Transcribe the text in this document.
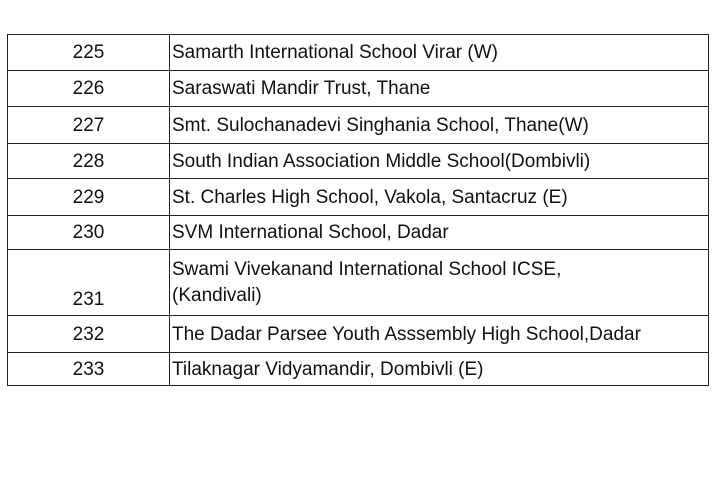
225	Samarth International School Virar (W)
226	Saraswati Mandir Trust, Thane
227	Smt. Sulochanadevi Singhania School, Thane(W)
228	South Indian Association Middle School(Dombivli)
229	St. Charles High School, Vakola, Santacruz (E)
230	SVM International School, Dadar
231	Swami Vivekanand International School ICSE,
(Kandivali)

232	The Dadar Parsee Youth Asssembly High School,Dadar
233	Tilaknagar Vidyamandir, Dombivli (E)
